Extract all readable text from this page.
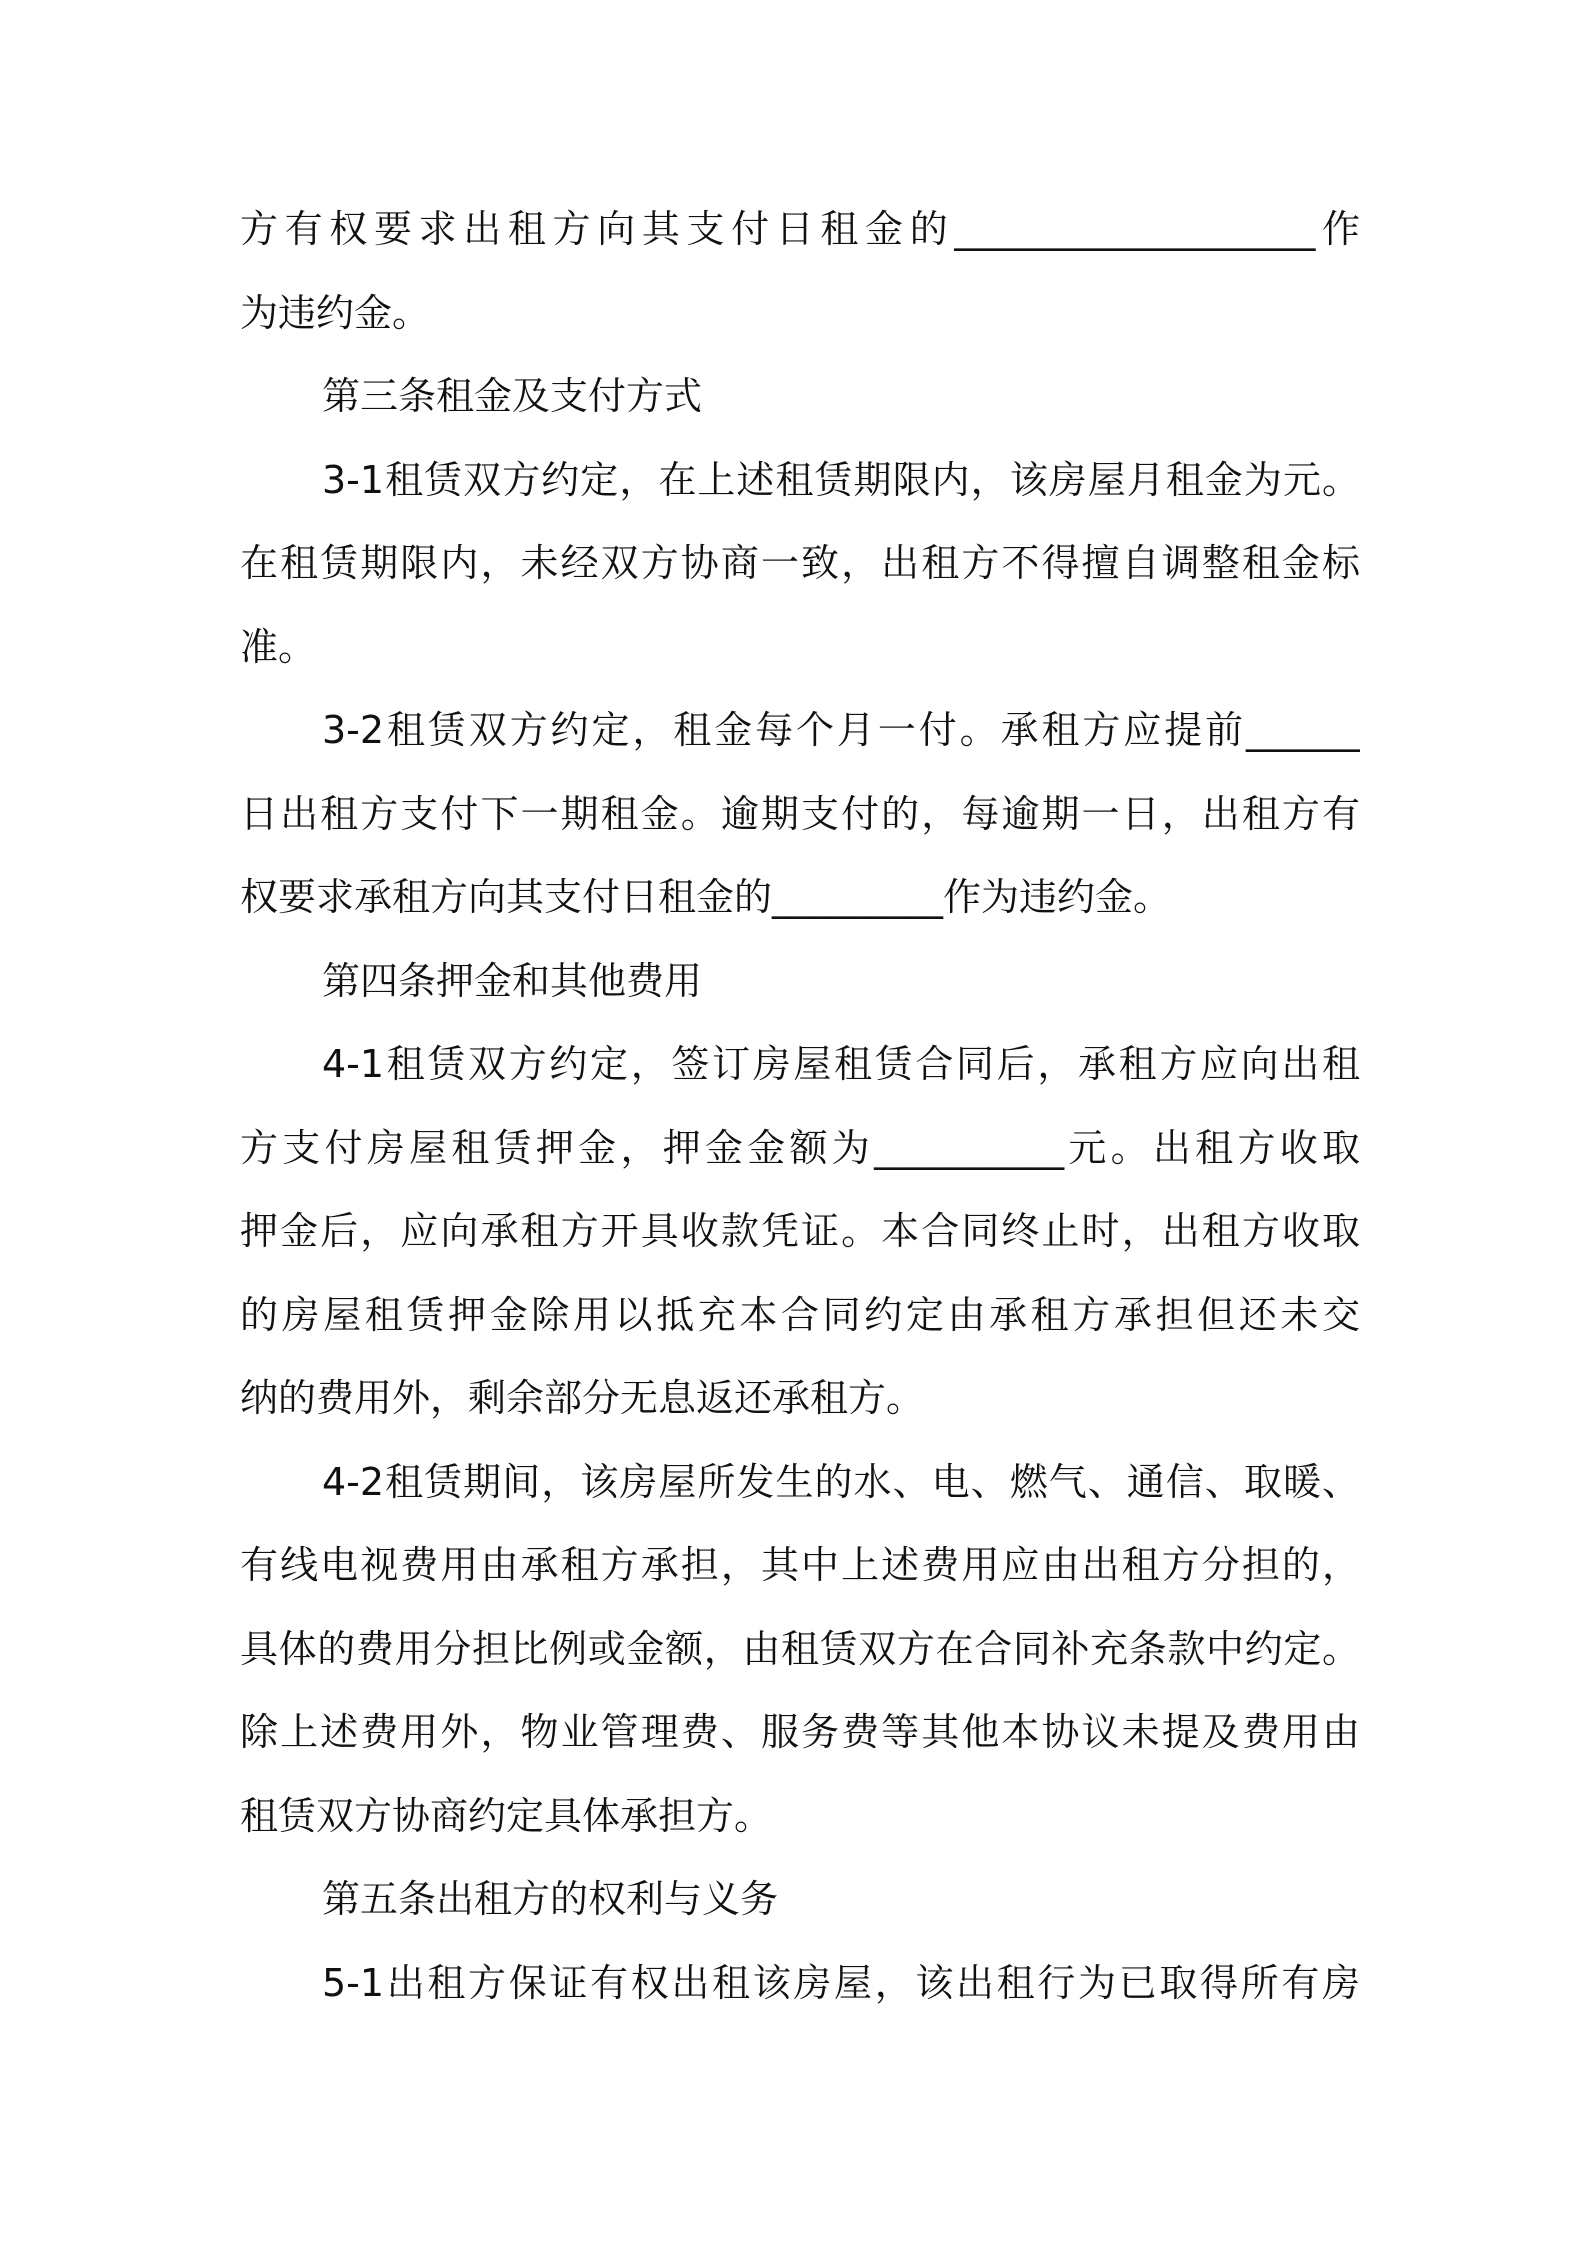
方有权要求出租方向其支付日租金的___________________作
为违约金。
第三条租金及支付方式
3-1租赁双方约定，在上述租赁期限内，该房屋月租金为元。
在租赁期限内，未经双方协商一致，出租方不得擅自调整租金标
准。
3-2租赁双方约定，租金每个月一付。承租方应提前______
日出租方支付下一期租金。逾期支付的，每逾期一日，出租方有
权要求承租方向其支付日租金的_________作为违约金。
第四条押金和其他费用
4-1租赁双方约定，签订房屋租赁合同后，承租方应向出租
方支付房屋租赁押金，押金金额为__________元。出租方收取
押金后，应向承租方开具收款凭证。本合同终止时，出租方收取
的房屋租赁押金除用以抵充本合同约定由承租方承担但还未交
纳的费用外，剩余部分无息返还承租方。
4-2租赁期间，该房屋所发生的水、电、燃气、通信、取暖、
有线电视费用由承租方承担，其中上述费用应由出租方分担的，
具体的费用分担比例或金额，由租赁双方在合同补充条款中约定。
除上述费用外，物业管理费、服务费等其他本协议未提及费用由
租赁双方协商约定具体承担方。
第五条出租方的权利与义务
5-1出租方保证有权出租该房屋，该出租行为已取得所有房
